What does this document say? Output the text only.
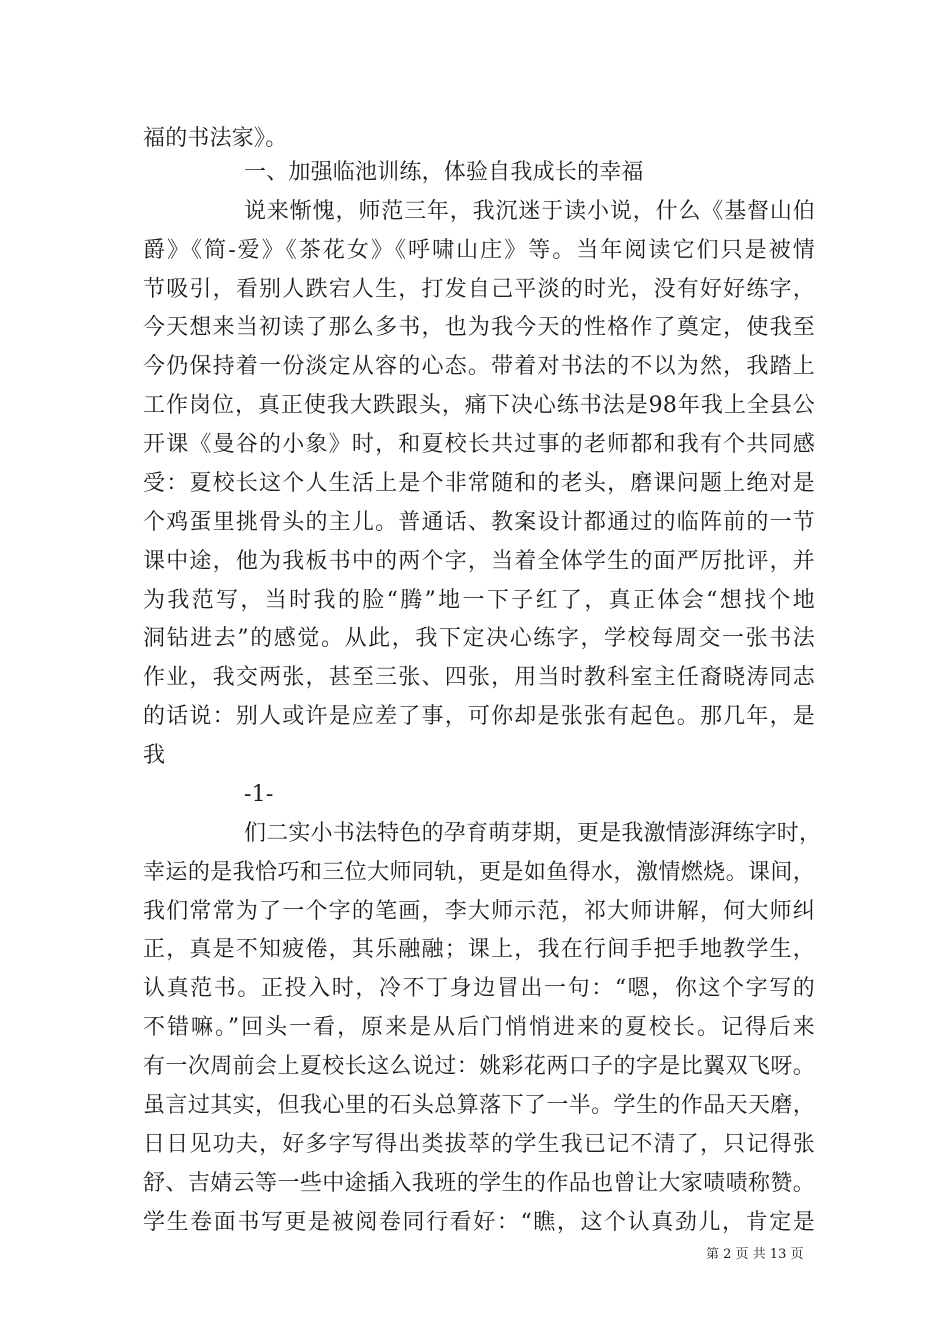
福的书法家》。
一、加强临池训练，体验自我成长的幸福
说来惭愧，师范三年，我沉迷于读小说，什么《基督山伯
爵》《简-爱》《茶花女》《呼啸山庄》等。当年阅读它们只是被情
节吸引，看别人跌宕人生，打发自己平淡的时光，没有好好练字，
今天想来当初读了那么多书，也为我今天的性格作了奠定，使我至
今仍保持着一份淡定从容的心态。带着对书法的不以为然，我踏上
工作岗位，真正使我大跌跟头，痛下决心练书法是98年我上全县公
开课《曼谷的小象》时，和夏校长共过事的老师都和我有个共同感
受：夏校长这个人生活上是个非常随和的老头，磨课问题上绝对是
个鸡蛋里挑骨头的主儿。普通话、教案设计都通过的临阵前的一节
课中途，他为我板书中的两个字，当着全体学生的面严厉批评，并
为我范写，当时我的脸“腾”地一下子红了，真正体会“想找个地
洞钻进去”的感觉。从此，我下定决心练字，学校每周交一张书法
作业，我交两张，甚至三张、四张，用当时教科室主任裔晓涛同志
的话说：别人或许是应差了事，可你却是张张有起色。那几年，是
我
-1-
们二实小书法特色的孕育萌芽期，更是我激情澎湃练字时，
幸运的是我恰巧和三位大师同轨，更是如鱼得水，激情燃烧。课间，
我们常常为了一个字的笔画，李大师示范，祁大师讲解，何大师纠
正，真是不知疲倦，其乐融融；课上，我在行间手把手地教学生，
认真范书。正投入时，冷不丁身边冒出一句：“嗯，你这个字写的
不错嘛。”回头一看，原来是从后门悄悄进来的夏校长。记得后来
有一次周前会上夏校长这么说过：姚彩花两口子的字是比翼双飞呀。
虽言过其实，但我心里的石头总算落下了一半。学生的作品天天磨，
日日见功夫，好多字写得出类拔萃的学生我已记不清了，只记得张
舒、吉婧云等一些中途插入我班的学生的作品也曾让大家啧啧称赞。
学生卷面书写更是被阅卷同行看好：“瞧，这个认真劲儿，肯定是
第 2 页 共 13 页
